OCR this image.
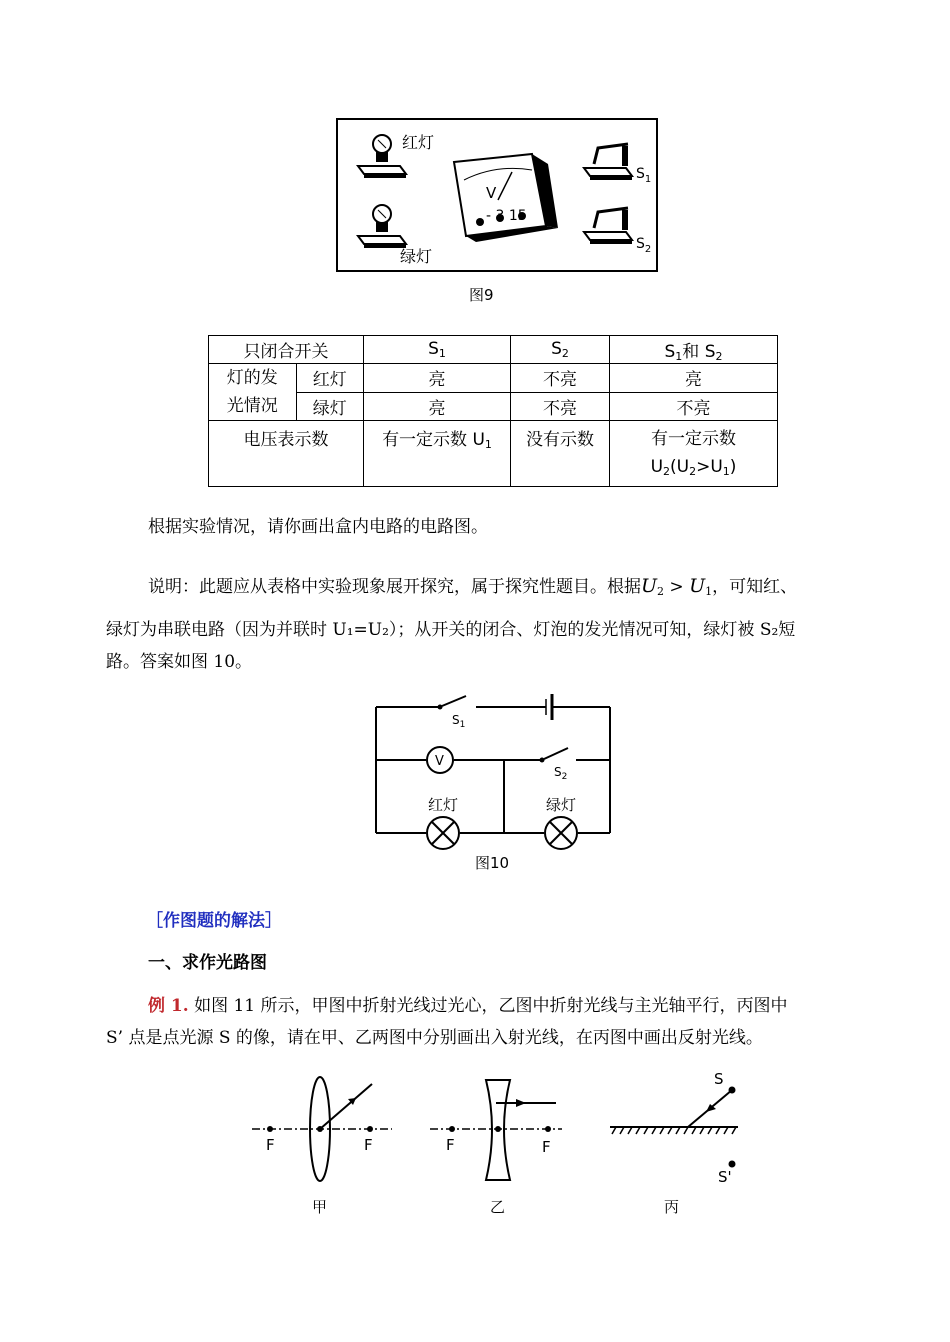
红灯
绿灯
V
- 3 15
$S_1$
$S_2$
图9
只闭合开关		$S_1$	$S_2$	$S_1$和 $S_2$

灯的发
光情况	红灯	亮	不亮	亮
	绿灯	亮	不亮	不亮
电压表示数		有一定示数 $U_1$	没有示数	有一定示数
$U_2(U_2>U_1)$
根据实验情况，请你画出盒内电路的电路图。
说明：此题应从表格中实验现象展开探究，属于探究性题目。根据$U_2 > U_1$，可知红、
绿灯为串联电路（因为并联时 U₁=U₂）；从开关的闭合、灯泡的发光情况可知，绿灯被 S₂短
路。答案如图 10。
$S_1$
V
$S_2$
红灯	绿灯
图10
［作图题的解法］
一、求作光路图
例 1. 如图 11 所示，甲图中折射光线过光心，乙图中折射光线与主光轴平行，丙图中
S’ 点是点光源 S 的像，请在甲、乙两图中分别画出入射光线，在丙图中画出反射光线。
F	F
甲
F	F
乙
S
S'
丙
